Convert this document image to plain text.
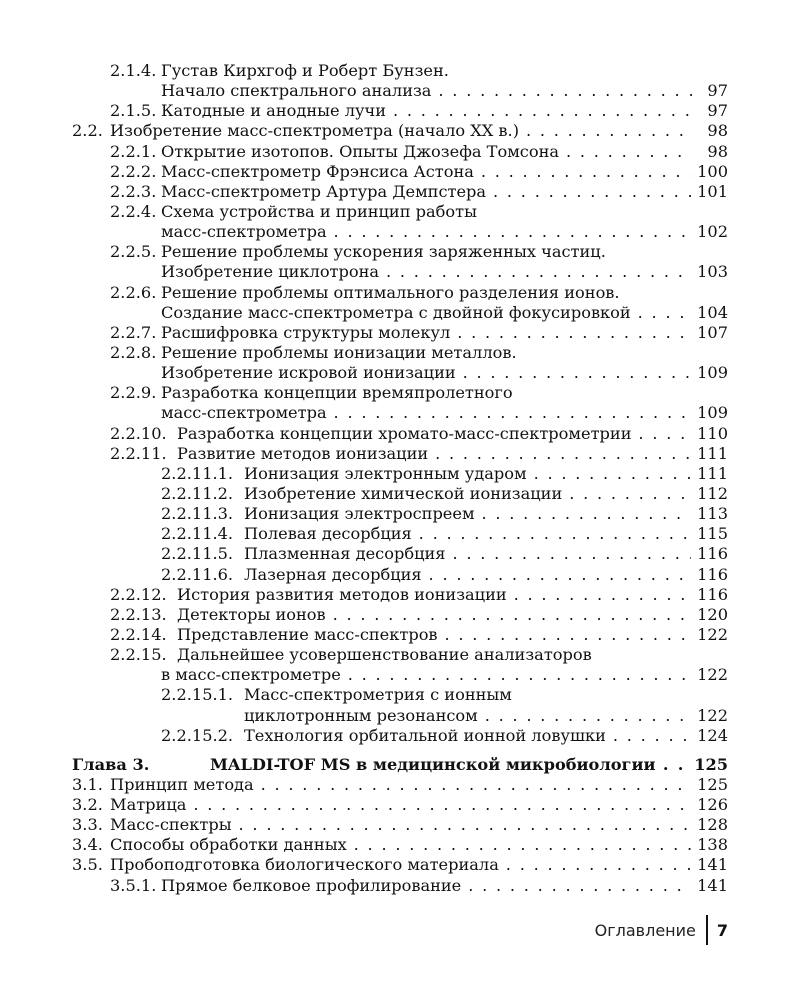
2.1.4. Густав Кирхгоф и Роберт Бунзен.
Начало спектрального анализа . . .	97
2.1.5. Катодные и анодные лучи . . .	97
2.2. Изобретение масс-спектрометра (начало XX в.) . . .	98
2.2.1. Открытие изотопов. Опыты Джозефа Томсона . . .	98
2.2.2. Масс-спектрометр Фрэнсиса Астона . . .	100
2.2.3. Масс-спектрометр Артура Демпстера . . .	101
2.2.4. Схема устройства и принцип работы
масс-спектрометра . . .	102
2.2.5. Решение проблемы ускорения заряженных частиц.
Изобретение циклотрона . . .	103
2.2.6. Решение проблемы оптимального разделения ионов.
Создание масс-спектрометра с двойной фокусировкой . . .	104
2.2.7. Расшифровка структуры молекул . . .	107
2.2.8. Решение проблемы ионизации металлов.
Изобретение искровой ионизации . . .	109
2.2.9. Разработка концепции времяпролетного
масс-спектрометра . . .	109
2.2.10. Разработка концепции хромато-масс-спектрометрии . . .	110
2.2.11. Развитие методов ионизации . . .	111
2.2.11.1. Ионизация электронным ударом . . .	111
2.2.11.2. Изобретение химической ионизации . . .	112
2.2.11.3. Ионизация электроспреем . . .	113
2.2.11.4. Полевая десорбция . . .	115
2.2.11.5. Плазменная десорбция . . .	116
2.2.11.6. Лазерная десорбция . . .	116
2.2.12. История развития методов ионизации . . .	116
2.2.13. Детекторы ионов . . .	120
2.2.14. Представление масс-спектров . . .	122
2.2.15. Дальнейшее усовершенствование анализаторов
в масс-спектрометре . . .	122
2.2.15.1. Масс-спектрометрия с ионным
циклотронным резонансом . . .	122
2.2.15.2. Технология орбитальной ионной ловушки . . .	124
Глава 3.	MALDI-TOF MS в медицинской микробиологии . . .	125
3.1. Принцип метода . . .	125
3.2. Матрица . . .	126
3.3. Масс-спектры . . .	128
3.4. Способы обработки данных . . .	138
3.5. Пробоподготовка биологического материала . . .	141
3.5.1. Прямое белковое профилирование . . .	141
Оглавление	7
